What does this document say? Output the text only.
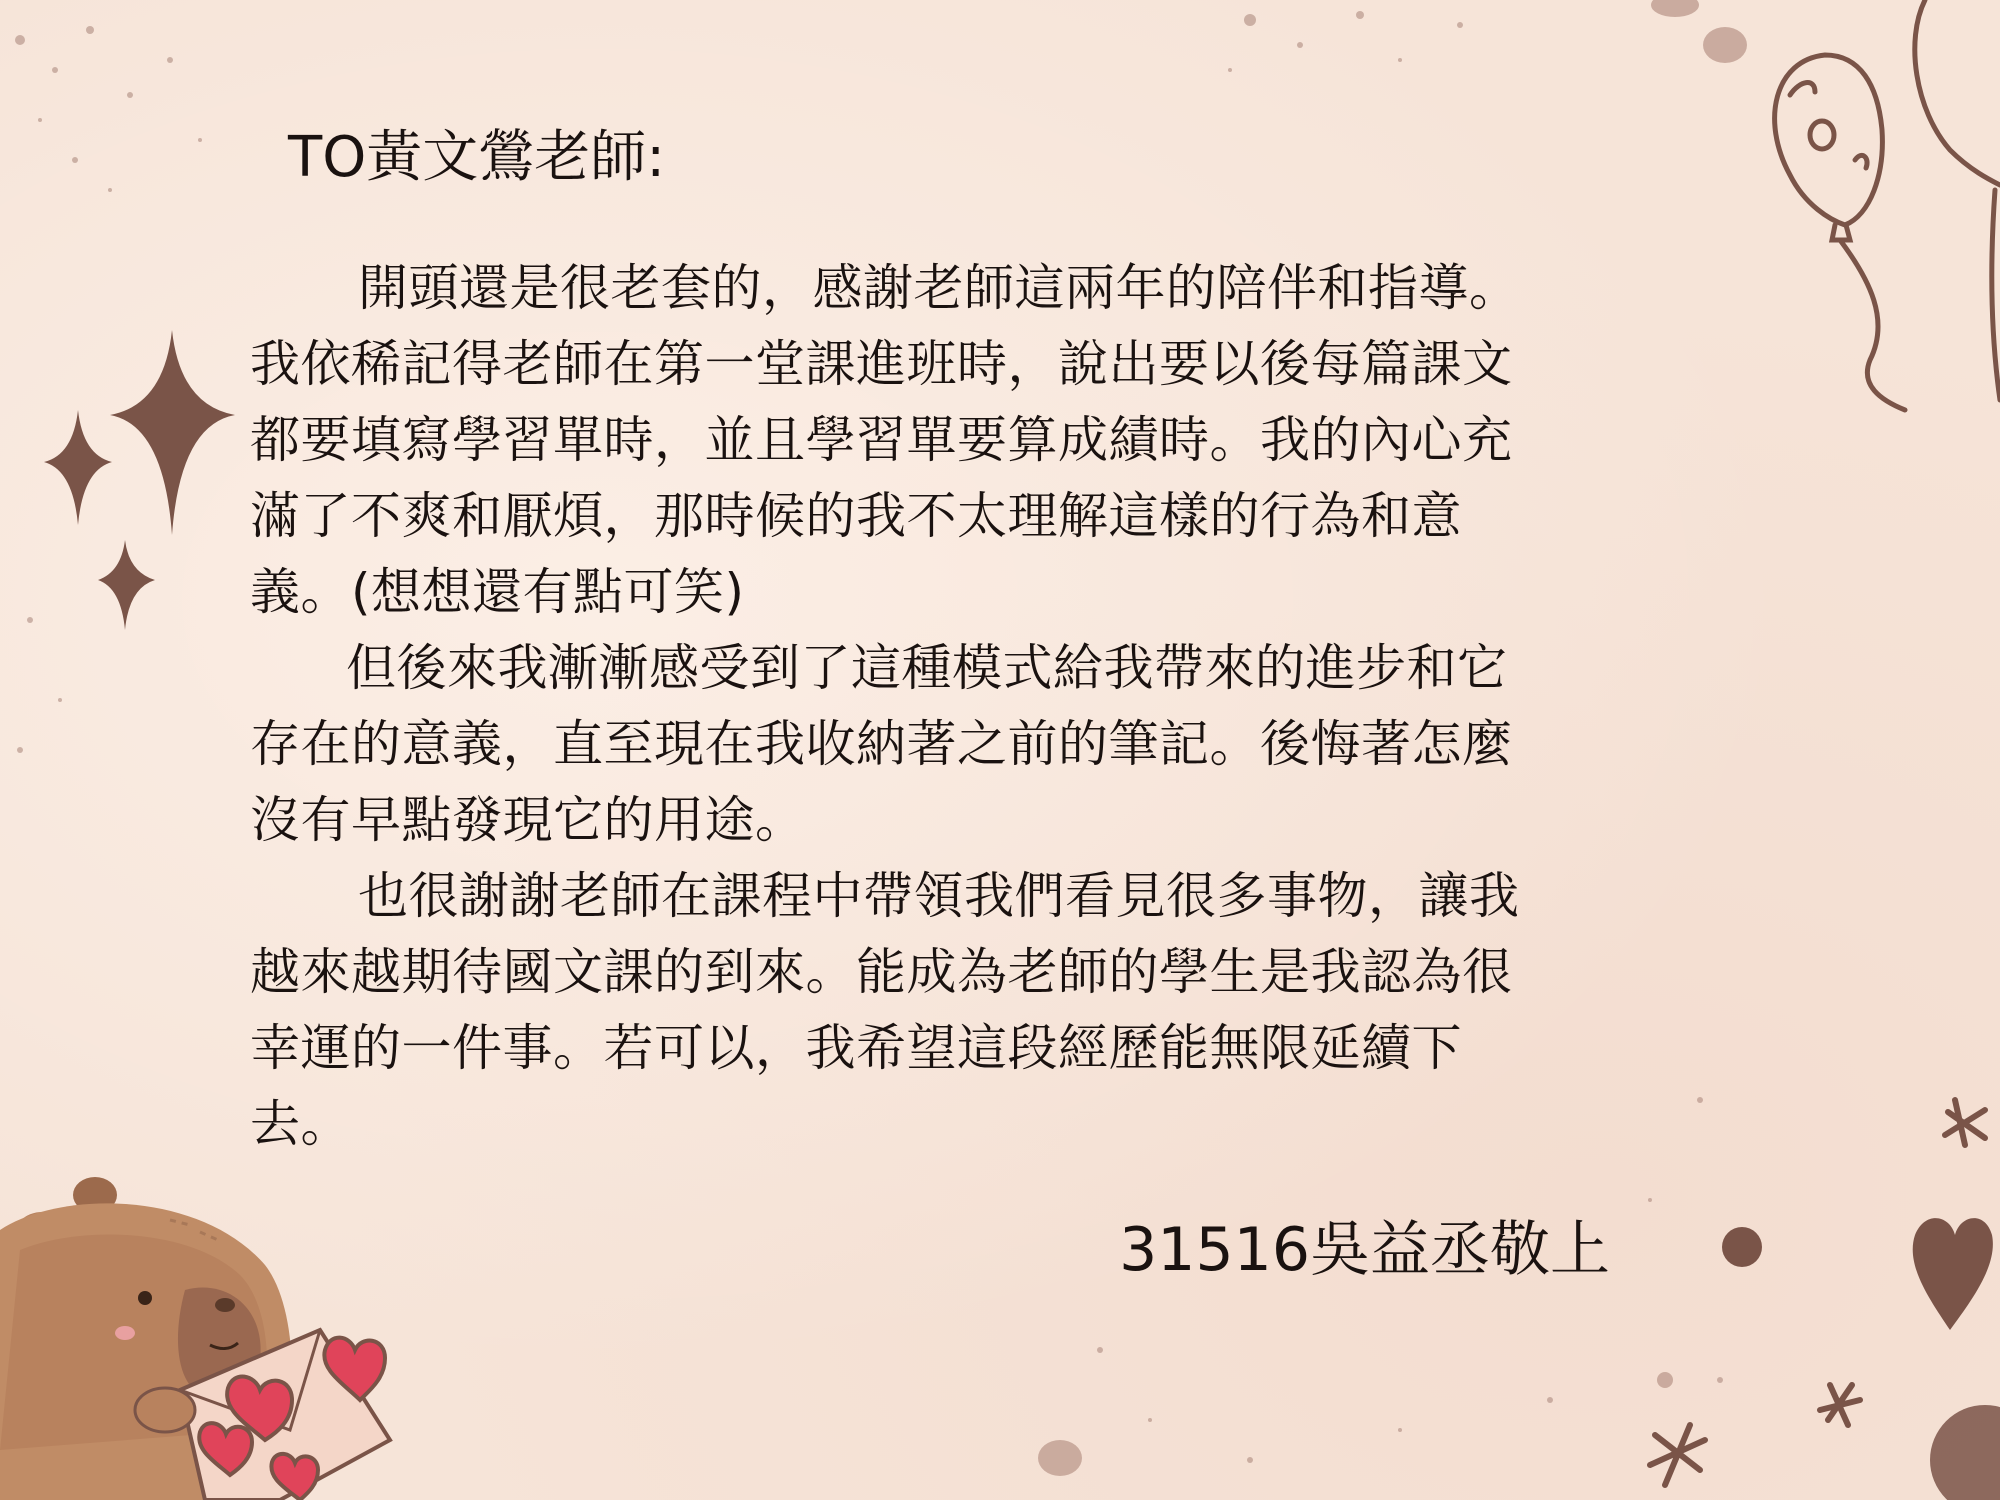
TO黃文鶯老師:

開頭還是很老套的，感謝老師這兩年的陪伴和指導。

我依稀記得老師在第一堂課進班時，說出要以後每篇課文

都要填寫學習單時，並且學習單要算成績時。我的內心充

滿了不爽和厭煩，那時候的我不太理解這樣的行為和意

義。(想想還有點可笑)

但後來我漸漸感受到了這種模式給我帶來的進步和它

存在的意義，直至現在我收納著之前的筆記。後悔著怎麼

沒有早點發現它的用途。

也很謝謝老師在課程中帶領我們看見很多事物，讓我

越來越期待國文課的到來。能成為老師的學生是我認為很

幸運的一件事。若可以，我希望這段經歷能無限延續下

去。

31516吳益丞敬上
